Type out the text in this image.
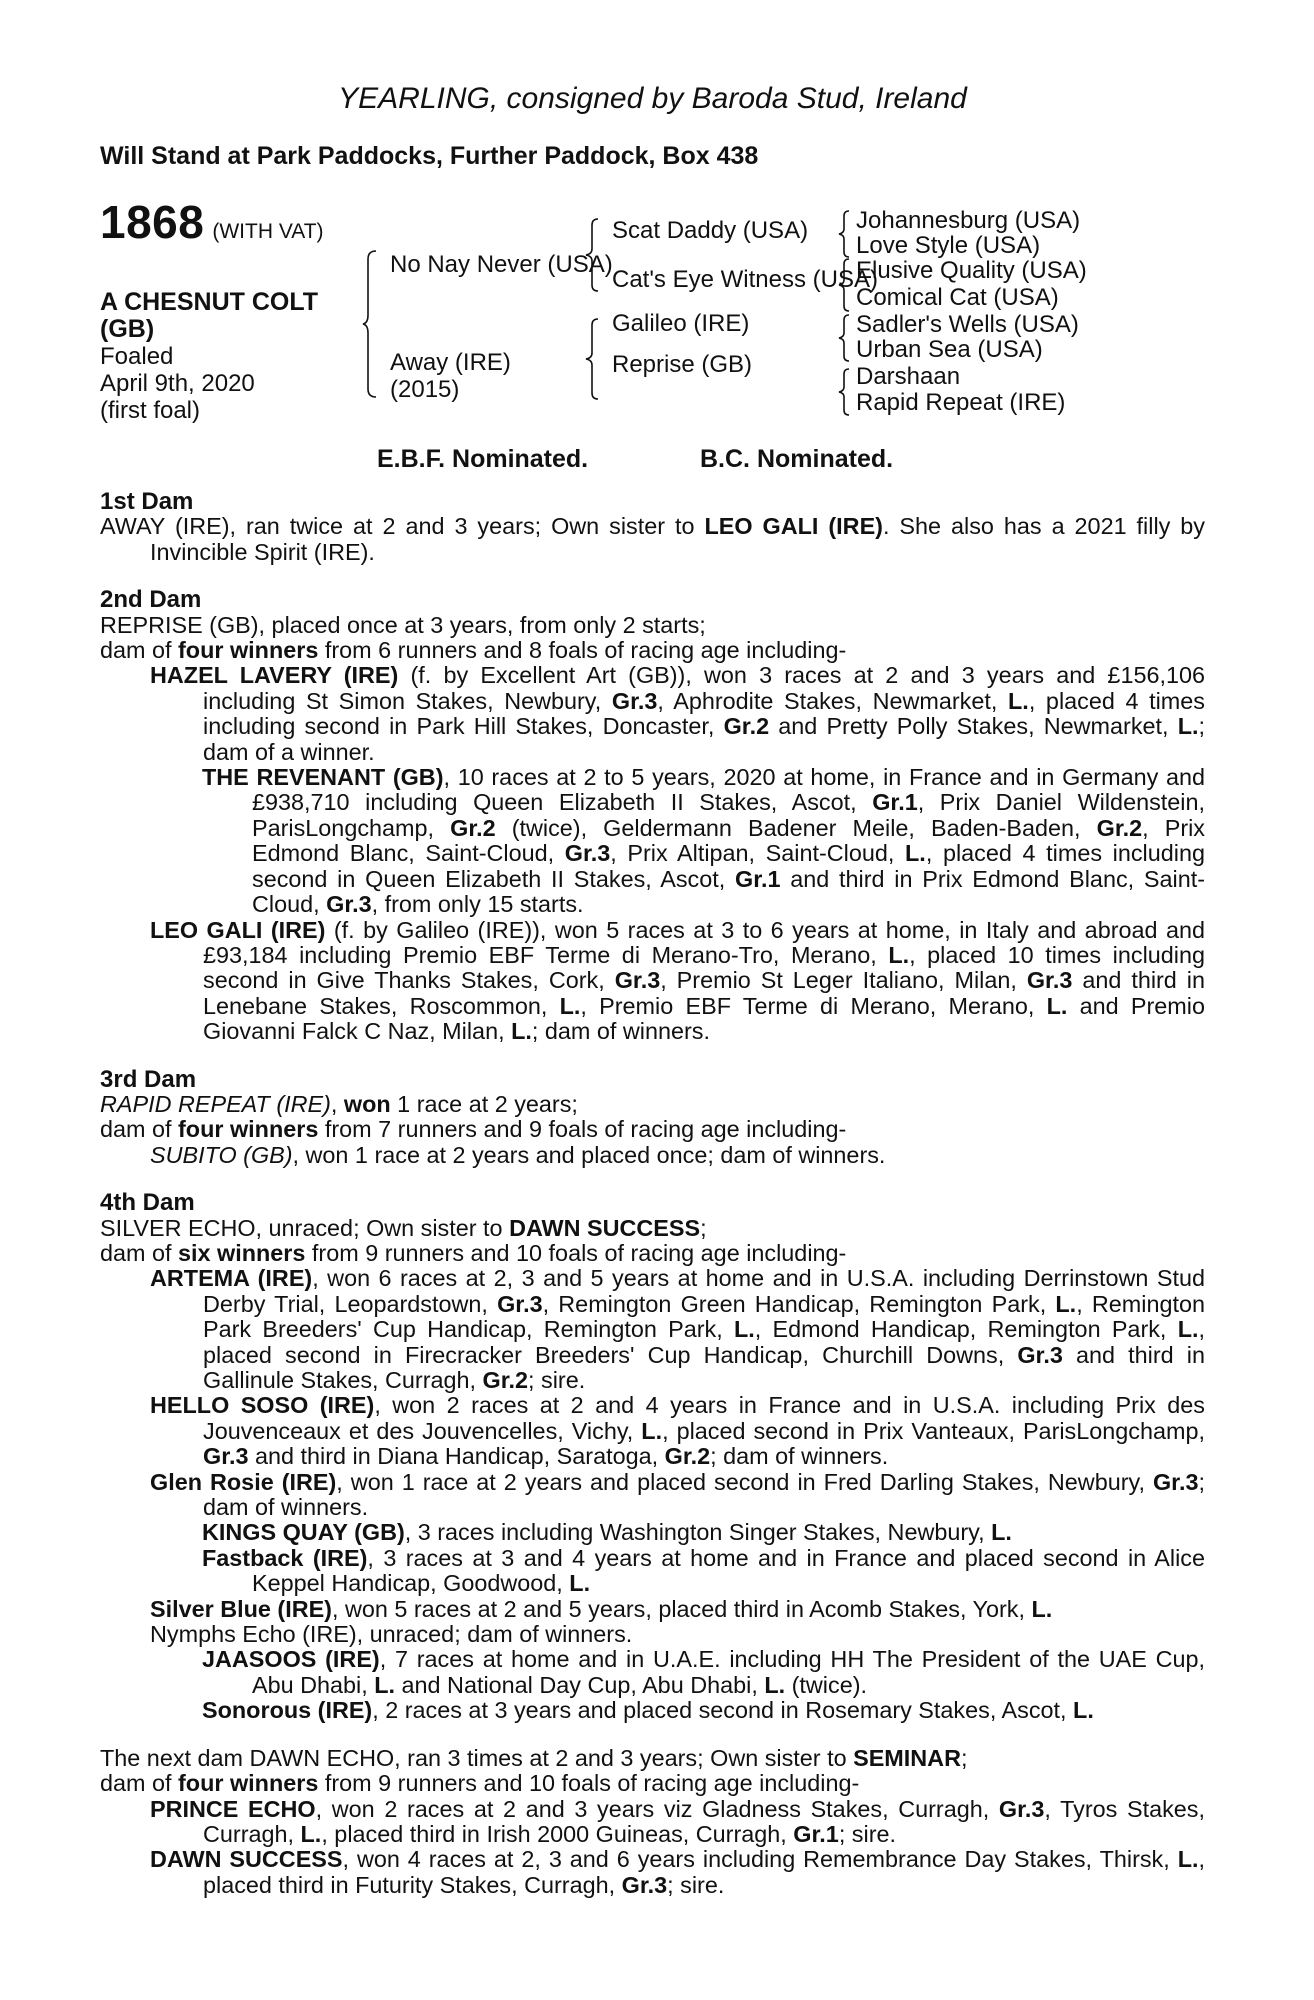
YEARLING, consigned by Baroda Stud, Ireland
Will Stand at Park Paddocks, Further Paddock, Box 438
1868 (WITH VAT)
A CHESNUT COLT
(GB)
Foaled
April 9th, 2020
(first foal)
No Nay Never (USA)
Away (IRE)
(2015)
Scat Daddy (USA)
Cat's Eye Witness (USA)
Galileo (IRE)
Reprise (GB)
Johannesburg (USA)
Love Style (USA)
Elusive Quality (USA)
Comical Cat (USA)
Sadler's Wells (USA)
Urban Sea (USA)
Darshaan
Rapid Repeat (IRE)
E.B.F. Nominated.	B.C. Nominated.
1st Dam

AWAY (IRE), ran twice at 2 and 3 years; Own sister to LEO GALI (IRE). She also has a 2021 filly by Invincible Spirit (IRE).

2nd Dam

REPRISE (GB), placed once at 3 years, from only 2 starts;

dam of four winners from 6 runners and 8 foals of racing age including-

HAZEL LAVERY (IRE) (f. by Excellent Art (GB)), won 3 races at 2 and 3 years and £156,106 including St Simon Stakes, Newbury, Gr.3, Aphrodite Stakes, Newmarket, L., placed 4 times including second in Park Hill Stakes, Doncaster, Gr.2 and Pretty Polly Stakes, Newmarket, L.; dam of a winner.

THE REVENANT (GB), 10 races at 2 to 5 years, 2020 at home, in France and in Germany and £938,710 including Queen Elizabeth II Stakes, Ascot, Gr.1, Prix Daniel Wildenstein, ParisLongchamp, Gr.2 (twice), Geldermann Badener Meile, Baden-Baden, Gr.2, Prix Edmond Blanc, Saint-Cloud, Gr.3, Prix Altipan, Saint-Cloud, L., placed 4 times including second in Queen Elizabeth II Stakes, Ascot, Gr.1 and third in Prix Edmond Blanc, Saint-Cloud, Gr.3, from only 15 starts.

LEO GALI (IRE) (f. by Galileo (IRE)), won 5 races at 3 to 6 years at home, in Italy and abroad and £93,184 including Premio EBF Terme di Merano-Tro, Merano, L., placed 10 times including second in Give Thanks Stakes, Cork, Gr.3, Premio St Leger Italiano, Milan, Gr.3 and third in Lenebane Stakes, Roscommon, L., Premio EBF Terme di Merano, Merano, L. and Premio Giovanni Falck C Naz, Milan, L.; dam of winners.

3rd Dam

RAPID REPEAT (IRE), won 1 race at 2 years;

dam of four winners from 7 runners and 9 foals of racing age including-

SUBITO (GB), won 1 race at 2 years and placed once; dam of winners.

4th Dam

SILVER ECHO, unraced; Own sister to DAWN SUCCESS;

dam of six winners from 9 runners and 10 foals of racing age including-

ARTEMA (IRE), won 6 races at 2, 3 and 5 years at home and in U.S.A. including Derrinstown Stud Derby Trial, Leopardstown, Gr.3, Remington Green Handicap, Remington Park, L., Remington Park Breeders' Cup Handicap, Remington Park, L., Edmond Handicap, Remington Park, L., placed second in Firecracker Breeders' Cup Handicap, Churchill Downs, Gr.3 and third in Gallinule Stakes, Curragh, Gr.2; sire.

HELLO SOSO (IRE), won 2 races at 2 and 4 years in France and in U.S.A. including Prix des Jouvenceaux et des Jouvencelles, Vichy, L., placed second in Prix Vanteaux, ParisLongchamp, Gr.3 and third in Diana Handicap, Saratoga, Gr.2; dam of winners.

Glen Rosie (IRE), won 1 race at 2 years and placed second in Fred Darling Stakes, Newbury, Gr.3; dam of winners.

KINGS QUAY (GB), 3 races including Washington Singer Stakes, Newbury, L.

Fastback (IRE), 3 races at 3 and 4 years at home and in France and placed second in Alice Keppel Handicap, Goodwood, L.

Silver Blue (IRE), won 5 races at 2 and 5 years, placed third in Acomb Stakes, York, L.

Nymphs Echo (IRE), unraced; dam of winners.

JAASOOS (IRE), 7 races at home and in U.A.E. including HH The President of the UAE Cup, Abu Dhabi, L. and National Day Cup, Abu Dhabi, L. (twice).

Sonorous (IRE), 2 races at 3 years and placed second in Rosemary Stakes, Ascot, L.

The next dam DAWN ECHO, ran 3 times at 2 and 3 years; Own sister to SEMINAR;

dam of four winners from 9 runners and 10 foals of racing age including-

PRINCE ECHO, won 2 races at 2 and 3 years viz Gladness Stakes, Curragh, Gr.3, Tyros Stakes, Curragh, L., placed third in Irish 2000 Guineas, Curragh, Gr.1; sire.

DAWN SUCCESS, won 4 races at 2, 3 and 6 years including Remembrance Day Stakes, Thirsk, L., placed third in Futurity Stakes, Curragh, Gr.3; sire.
